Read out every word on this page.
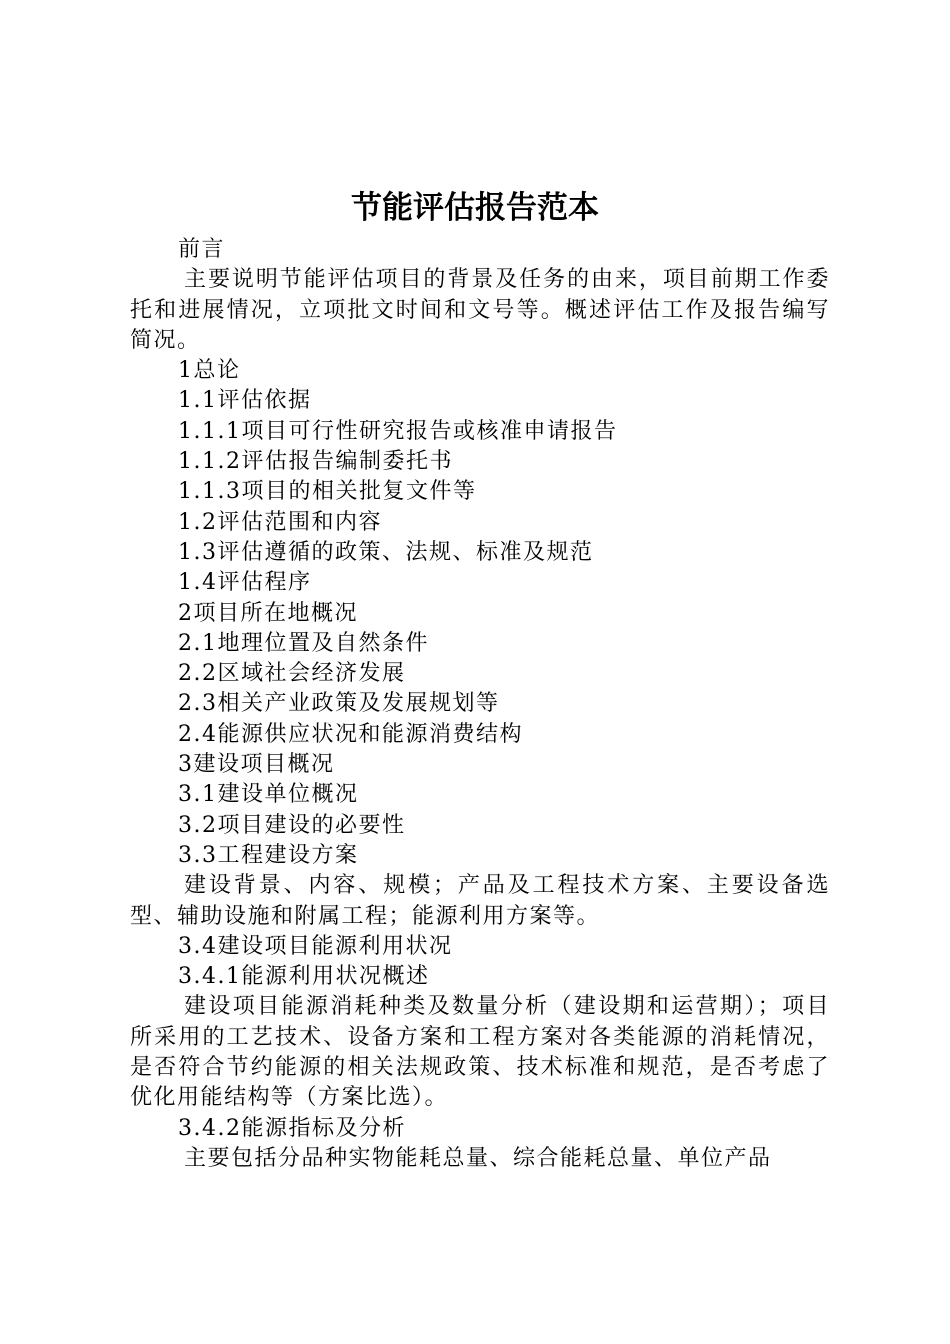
节能评估报告范本

前言

主要说明节能评估项目的背景及任务的由来，项目前期工作委托和进展情况，立项批文时间和文号等。概述评估工作及报告编写简况。

1总论

1.1评估依据

1.1.1项目可行性研究报告或核准申请报告

1.1.2评估报告编制委托书

1.1.3项目的相关批复文件等

1.2评估范围和内容

1.3评估遵循的政策、法规、标准及规范

1.4评估程序

2项目所在地概况

2.1地理位置及自然条件

2.2区域社会经济发展

2.3相关产业政策及发展规划等

2.4能源供应状况和能源消费结构

3建设项目概况

3.1建设单位概况

3.2项目建设的必要性

3.3工程建设方案

建设背景、内容、规模；产品及工程技术方案、主要设备选型、辅助设施和附属工程；能源利用方案等。

3.4建设项目能源利用状况

3.4.1能源利用状况概述

建设项目能源消耗种类及数量分析（建设期和运营期）；项目所采用的工艺技术、设备方案和工程方案对各类能源的消耗情况，是否符合节约能源的相关法规政策、技术标准和规范，是否考虑了优化用能结构等（方案比选）。

3.4.2能源指标及分析

主要包括分品种实物能耗总量、综合能耗总量、单位产品
